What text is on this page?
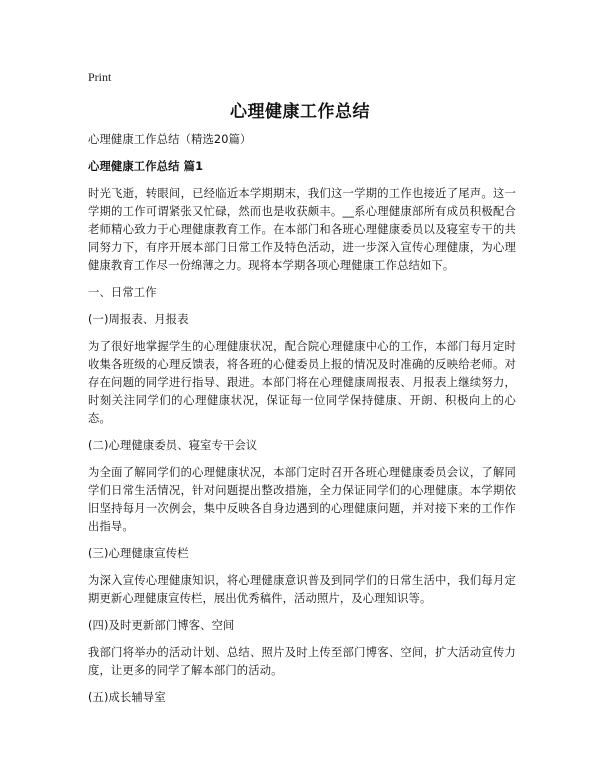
Print

心理健康工作总结

心理健康工作总结（精选20篇）

心理健康工作总结 篇1

时光飞逝，转眼间，已经临近本学期期末，我们这一学期的工作也接近了尾声。这一学期的工作可谓紧张又忙碌，然而也是收获颇丰。__系心理健康部所有成员积极配合老师精心致力于心理健康教育工作。在本部门和各班心理健康委员以及寝室专干的共同努力下，有序开展本部门日常工作及特色活动，进一步深入宣传心理健康，为心理健康教育工作尽一份绵薄之力。现将本学期各项心理健康工作总结如下。

一、日常工作

(一)周报表、月报表

为了很好地掌握学生的心理健康状况，配合院心理健康中心的工作，本部门每月定时收集各班级的心理反馈表，将各班的心健委员上报的情况及时准确的反映给老师。对存在问题的同学进行指导、跟进。本部门将在心理健康周报表、月报表上继续努力，时刻关注同学们的心理健康状况，保证每一位同学保持健康、开朗、积极向上的心态。

(二)心理健康委员、寝室专干会议

为全面了解同学们的心理健康状况，本部门定时召开各班心理健康委员会议，了解同学们日常生活情况，针对问题提出整改措施，全力保证同学们的心理健康。本学期依旧坚持每月一次例会，集中反映各自身边遇到的心理健康问题，并对接下来的工作作出指导。

(三)心理健康宣传栏

为深入宣传心理健康知识，将心理健康意识普及到同学们的日常生活中，我们每月定期更新心理健康宣传栏，展出优秀稿件，活动照片，及心理知识等。

(四)及时更新部门博客、空间

我部门将举办的活动计划、总结、照片及时上传至部门博客、空间，扩大活动宣传力度，让更多的同学了解本部门的活动。

(五)成长辅导室
